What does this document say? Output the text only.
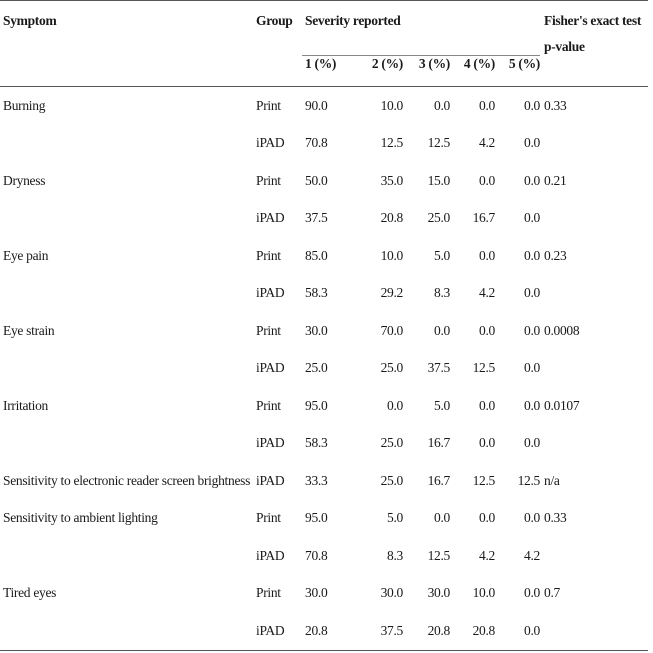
Symptom	Group	Severity reported					Fisher's exact test
p-value

		1 (%)	2 (%)	3 (%)	4 (%)	5 (%)	
Burning	Print	90.0	10.0	0.0	0.0	0.0	0.33
	iPAD	70.8	12.5	12.5	4.2	0.0	
Dryness	Print	50.0	35.0	15.0	0.0	0.0	0.21
	iPAD	37.5	20.8	25.0	16.7	0.0	
Eye pain	Print	85.0	10.0	5.0	0.0	0.0	0.23
	iPAD	58.3	29.2	8.3	4.2	0.0	
Eye strain	Print	30.0	70.0	0.0	0.0	0.0	0.0008
	iPAD	25.0	25.0	37.5	12.5	0.0	
Irritation	Print	95.0	0.0	5.0	0.0	0.0	0.0107
	iPAD	58.3	25.0	16.7	0.0	0.0	
Sensitivity to electronic reader screen brightness	iPAD	33.3	25.0	16.7	12.5	12.5	n/a
Sensitivity to ambient lighting	Print	95.0	5.0	0.0	0.0	0.0	0.33
	iPAD	70.8	8.3	12.5	4.2	4.2	
Tired eyes	Print	30.0	30.0	30.0	10.0	0.0	0.7
	iPAD	20.8	37.5	20.8	20.8	0.0	
